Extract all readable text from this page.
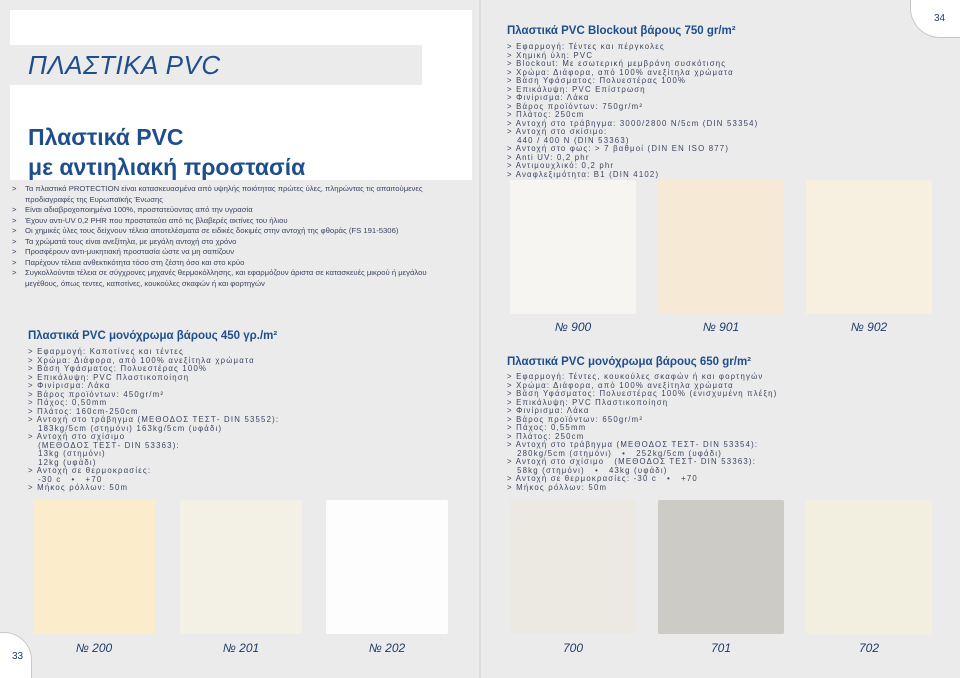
ΠΛΑΣΤΙΚΑ PVC
Πλαστικά PVC
με αντιηλιακή προστασία
>	Τα πλαστικά PROTECTION είναι κατασκευασμένα από υψηλής ποιότητας πρώτες ύλες, πληρώντας τις απαιτούμενες προδιαγραφές της Ευρωπαϊκής Ένωσης
>	Είναι αδιαβροχοποιημένα 100%, προστατεύοντας από την υγρασία
>	Έχουν αντι-UV 0,2 PHR που προστατεύει από τις βλαβερές ακτίνες του ήλιου
>	Οι χημικές ύλες τους δείχνουν τέλεια αποτελέσματα σε ειδικές δοκιμές στην αντοχή της φθοράς (FS 191-5306)
>	Τα χρώματά τους είναι ανεξίτηλα, με μεγάλη αντοχή στο χρόνο
>	Προσφέρουν αντι-μυκητιακή προστασία ώστε να μη σαπίζουν
>	Παρέχουν τέλεια ανθεκτικότητα τόσο στη ζέστη όσο και στο κρύο
>	Συγκολλούνται τέλεια σε σύγχρονες μηχανές θερμοκόλλησης, και εφαρμόζουν άριστα σε κατασκευές μικρού ή μεγάλου μεγέθους, όπως τεντες, καποτίνες, κουκούλες σκαφών ή και φορτηγών
Πλαστικά PVC μονόχρωμα βάρους 450 γρ./m²
> Εφαρμογή: Καποτίνες και τέντες
> Χρώμα: Διάφορα, από 100% ανεξίτηλα χρώματα
> Βάση Υφάσματος: Πολυεστέρας 100%
> Επικάλυψη: PVC Πλαστικοποίηση
> Φινίρισμα: Λάκα
> Βάρος προϊόντων: 450gr/m²
> Πάχος: 0,50mm
> Πλάτος: 160cm-250cm
> Αντοχή στο τράβηγμα (ΜΕΘΟΔΟΣ ΤΕΣΤ- DIN 53552):
183kg/5cm (στημόνι) 163kg/5cm (υφάδι)
> Αντοχή στο σχίσιμο
(ΜΕΘΟΔΟΣ ΤΕΣΤ- DIN 53363):
13kg (στημόνι)
12kg (υφάδι)
> Αντοχή σε θερμοκρασίες:
-30 c   •   +70
> Μήκος ρόλλων: 50m
№ 200	№ 201	№ 202
33
34
Πλαστικά PVC Blockout βάρους 750 gr/m²
> Εφαρμογή: Τέντες και πέργκολες
> Χημική ύλη: PVC
> Blockout: Με εσωτερική μεμβράνη συσκότισης
> Χρώμα: Διάφορα, από 100% ανεξίτηλα χρώματα
> Βάση Υφάσματος: Πολυεστέρας 100%
> Επικάλυψη: PVC Επίστρωση
> Φινίρισμα: Λάκα
> Βάρος προϊόντων: 750gr/m²
> Πλάτος: 250cm
> Αντοχή στο τράβηγμα: 3000/2800 N/5cm (DIN 53354)
> Αντοχή στο σκίσιμο:
440 / 400 N (DIN 53363)
> Αντοχή στο φως: > 7 βαθμοί (DIN EN ISO 877)
> Anti UV: 0,2 phr
> Αντιμουχλικό: 0,2 phr
> Αναφλεξιμότητα: B1 (DIN 4102)
№ 900	№ 901	№ 902
Πλαστικά PVC μονόχρωμα βάρους 650 gr/m²
> Εφαρμογή: Τέντες, κουκούλες σκαφών ή και φορτηγών
> Χρώμα: Διάφορα, από 100% ανεξίτηλα χρώματα
> Βάση Υφάσματος: Πολυεστέρας 100% (ενισχυμένη πλέξη)
> Επικάλυψη: PVC Πλαστικοποίηση
> Φινίρισμα: Λάκα
> Βάρος προϊόντων: 650gr/m²
> Πάχος: 0,55mm
> Πλάτος: 250cm
> Αντοχή στο τράβηγμα (ΜΕΘΟΔΟΣ ΤΕΣΤ- DIN 53354):
280kg/5cm (στημόνι)   •   252kg/5cm (υφάδι)
> Αντοχή στο σχίσιμο   (ΜΕΘΟΔΟΣ ΤΕΣΤ- DIN 53363):
58kg (στημόνι)   •   43kg (υφάδι)
> Αντοχή σε θερμοκρασίες: -30 c   •   +70
> Μήκος ρόλλων: 50m
700	701	702
